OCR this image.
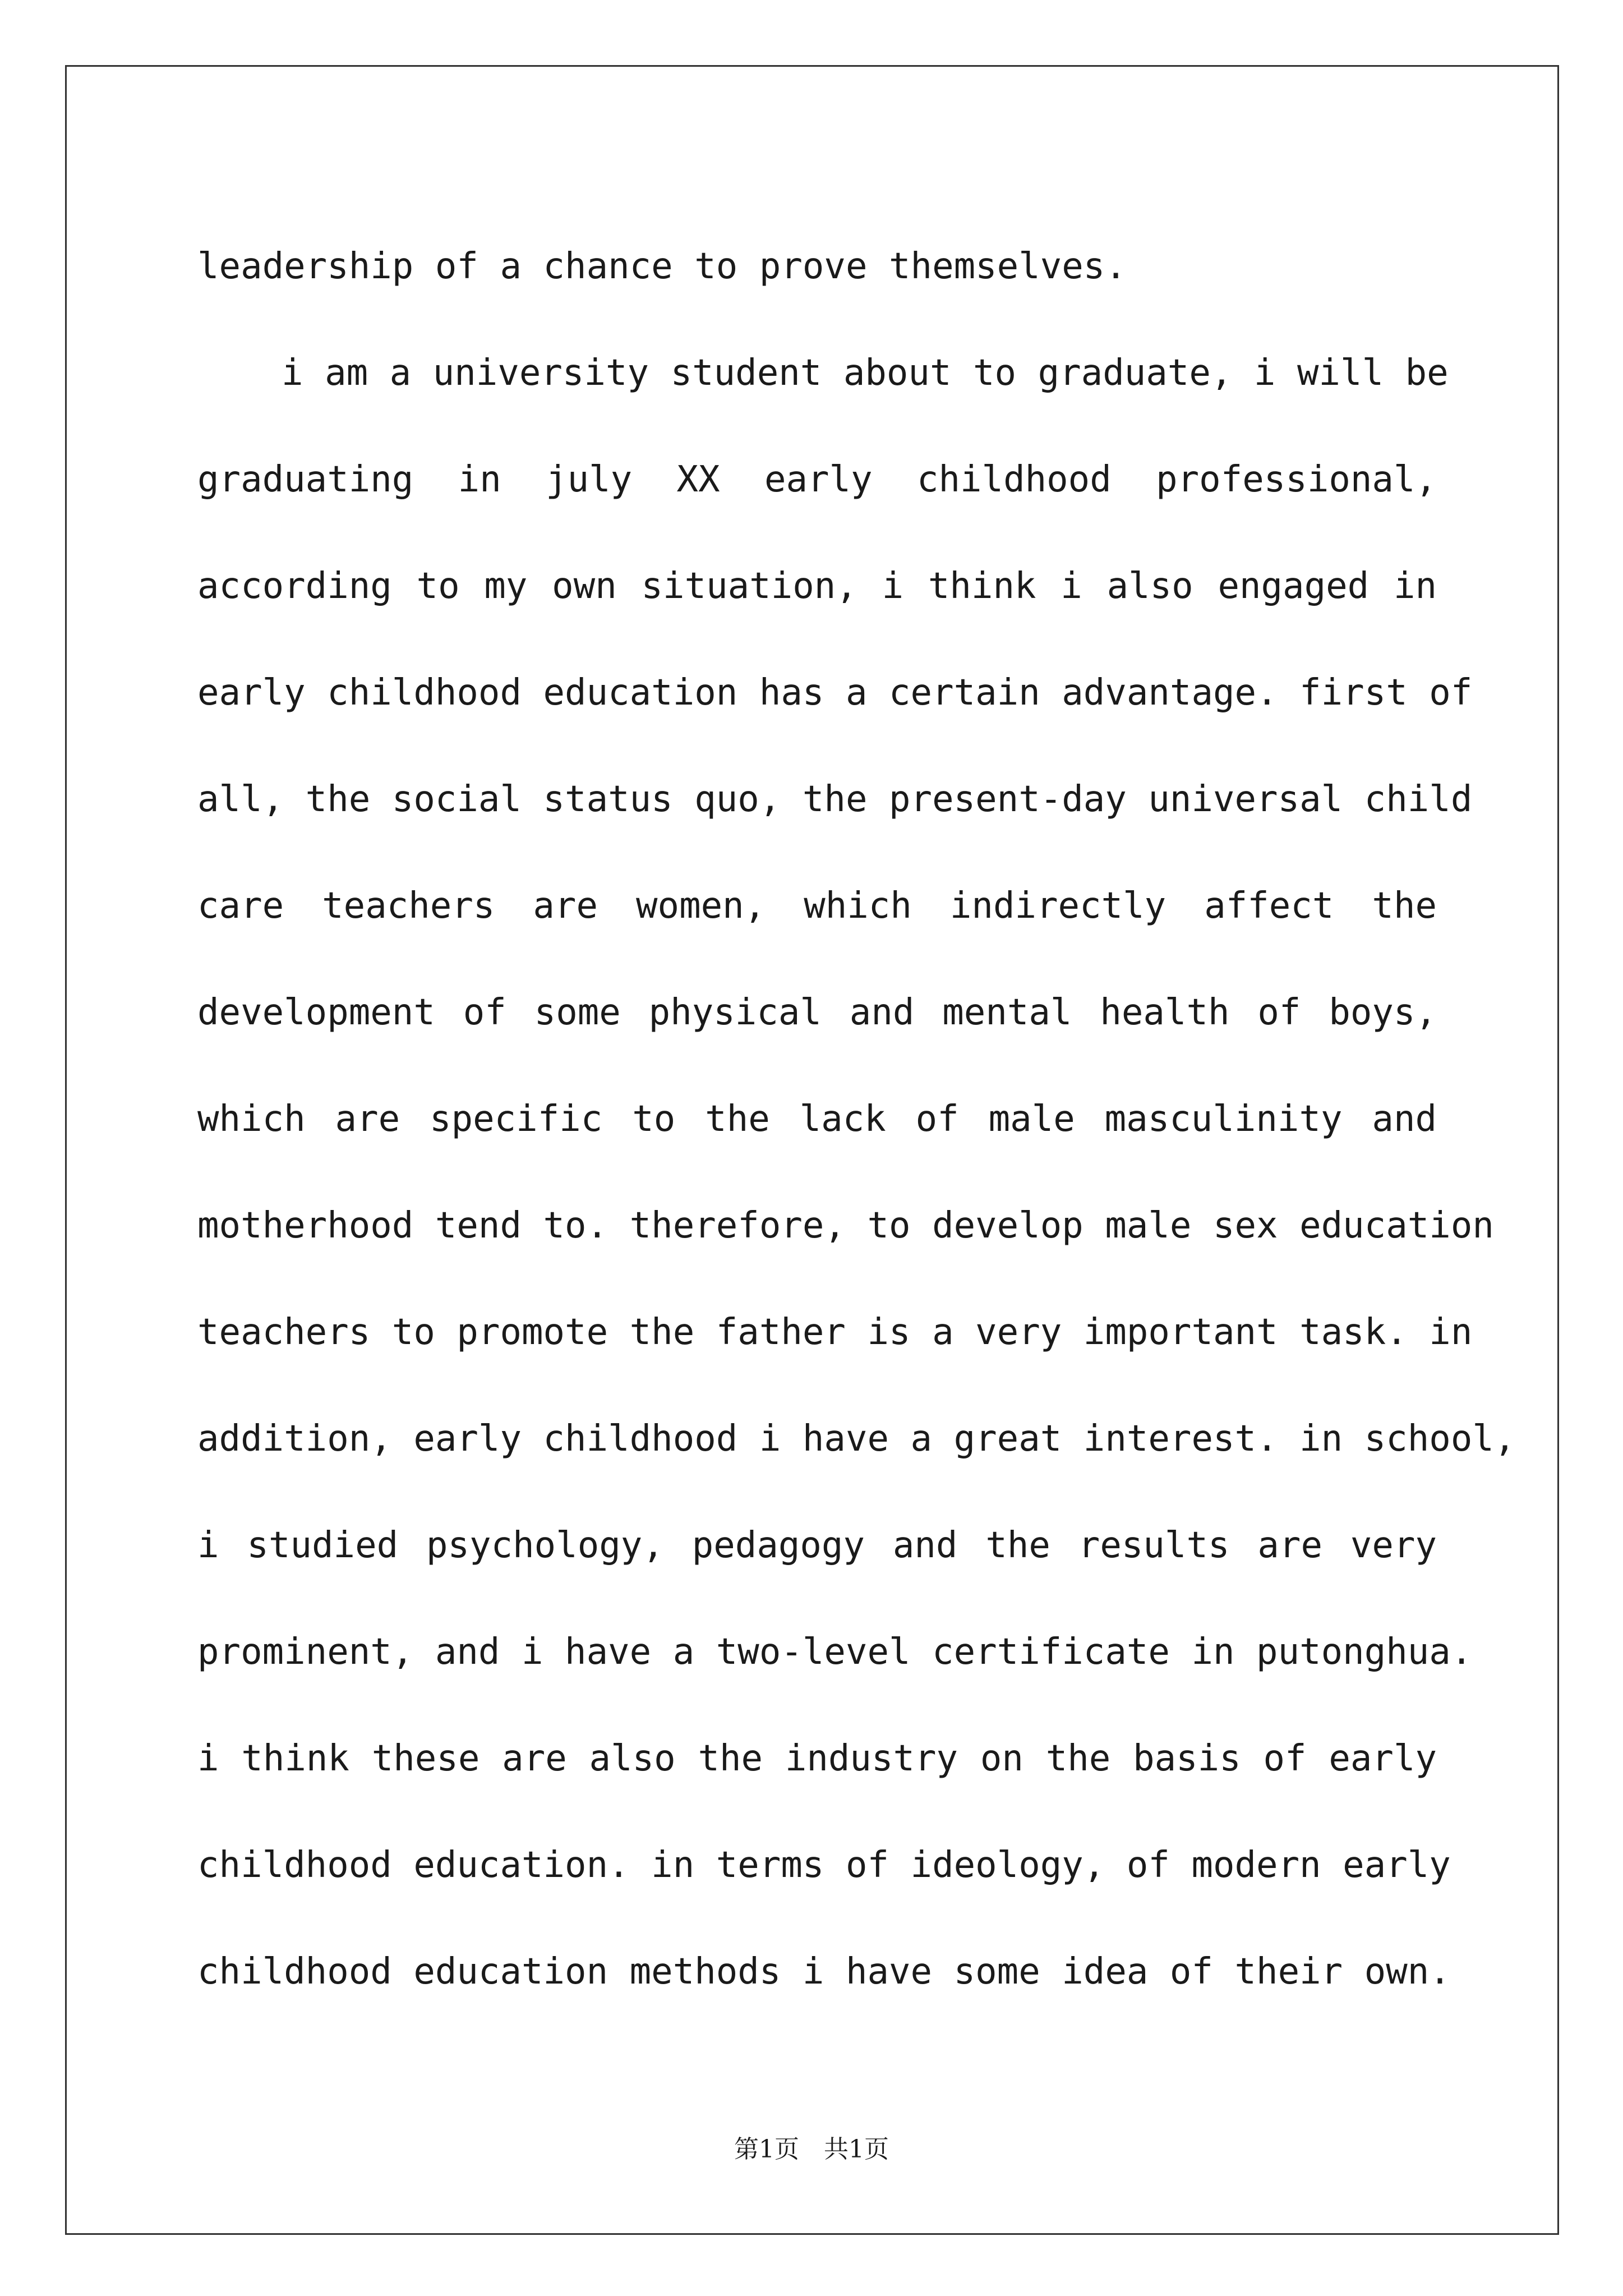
leadership of a chance to prove themselves.
i am a university student about to graduate, i will be
graduating in july XX early childhood professional,
according to my own situation, i think i also engaged in
early childhood education has a certain advantage. first of
all, the social status quo, the present-day universal child
care teachers are women, which indirectly affect the
development of some physical and mental health of boys,
which are specific to the lack of male masculinity and
motherhood tend to. therefore, to develop male sex education
teachers to promote the father is a very important task. in
addition, early childhood i have a great interest. in school,
i studied psychology, pedagogy and the results are very
prominent, and i have a two-level certificate in putonghua.
i think these are also the industry on the basis of early
childhood education. in terms of ideology, of modern early
childhood education methods i have some idea of their own.
第1页　共1页
